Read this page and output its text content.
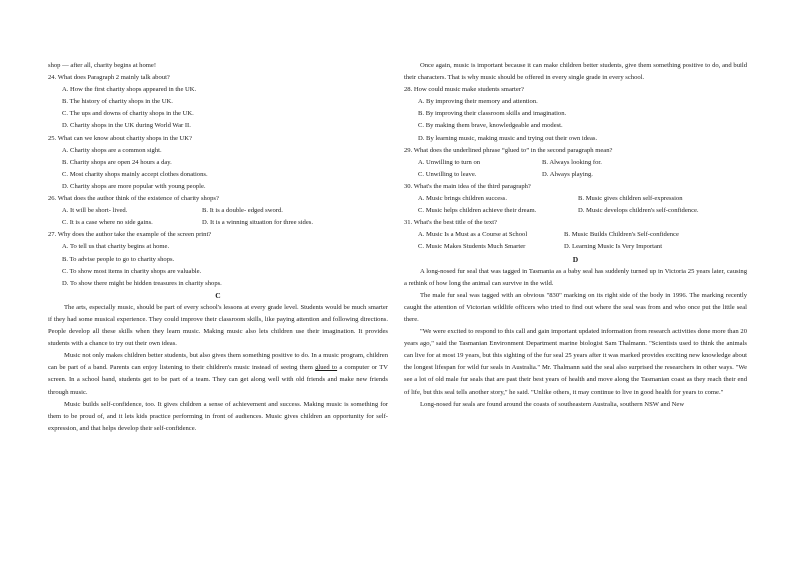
shop — after all, charity begins at home!
24. What does Paragraph 2 mainly talk about?
A. How the first charity shops appeared in the UK.
B. The history of charity shops in the UK.
C. The ups and downs of charity shops in the UK.
D. Charity shops in the UK during World War II.
25. What can we know about charity shops in the UK?
A. Charity shops are a common sight.
B. Charity shops are open 24 hours a day.
C. Most charity shops mainly accept clothes donations.
D. Charity shops are more popular with young people.
26. What does the author think of the existence of charity shops?
A. It will be short- lived.	B. It is a double- edged sword.
C. It is a case where no side gains.	D. It is a winning situation for three sides.
27. Why does the author take the example of the screen print?
A. To tell us that charity begins at home.
B. To advise people to go to charity shops.
C. To show most items in charity shops are valuable.
D. To show there might be hidden treasures in charity shops.
C

The arts, especially music, should be part of every school's lessons at every grade level. Students would be much smarter if they had some musical experience. They could improve their classroom skills, like paying attention and following directions. People develop all these skills when they learn music. Making music also lets children use their imagination. It provides students with a chance to try out their own ideas.

Music not only makes children better students, but also gives them something positive to do. In a music program, children can be part of a band. Parents can enjoy listening to their children's music instead of seeing them glued to a computer or TV screen. In a school band, students get to be part of a team. They can get along well with old friends and make new friends through music.

Music builds self-confidence, too. It gives children a sense of achievement and success. Making music is something for them to be proud of, and it lets kids practice performing in front of audiences. Music gives children an opportunity for self-expression, and that helps develop their self-confidence.

Once again, music is important because it can make children better students, give them something positive to do, and build their characters. That is why music should be offered in every single grade in every school.

28. How could music make students smarter?
A. By improving their memory and attention.
B. By improving their classroom skills and imagination.
C. By making them brave, knowledgeable and modest.
D. By learning music, making music and trying out their own ideas.
29. What does the underlined phrase “glued to” in the second paragraph mean?
A. Unwilling to turn on	B. Always looking for.
C. Unwilling to leave.	D. Always playing.
30. What's the main idea of the third paragraph?
A. Music brings children success.	B. Music gives children self-expression
C. Music helps children achieve their dream.	D. Music develops children's self-confidence.
31. What's the best title of the text?
A. Music Is a Must as a Course at School	B. Music Builds Children's Self-confidence
C. Music Makes Students Much Smarter	D. Learning Music Is Very Important
D

A long-nosed fur seal that was tagged in Tasmania as a baby seal has suddenly turned up in Victoria 25 years later, causing a rethink of how long the animal can survive in the wild.

The male fur seal was tagged with an obvious "830" marking on its right side of the body in 1996. The marking recently caught the attention of Victorian wildlife officers who tried to find out where the seal was from and who once put the little seal there.

"We were excited to respond to this call and gain important updated information from research activities done more than 20 years ago," said the Tasmanian Environment Department marine biologist Sam Thalmann. "Scientists used to think the animals can live for at most 19 years, but this sighting of the fur seal 25 years after it was marked provides exciting new knowledge about the longest lifespan for wild fur seals in Australia." Mr. Thalmann said the seal also surprised the researchers in other ways. "We see a lot of old male fur seals that are past their best years of health and move along the Tasmanian coast as they reach their end of life, but this seal tells another story," he said. "Unlike others, it may continue to live in good health for years to come."

Long-nosed fur seals are found around the coasts of southeastern Australia, southern NSW and New
